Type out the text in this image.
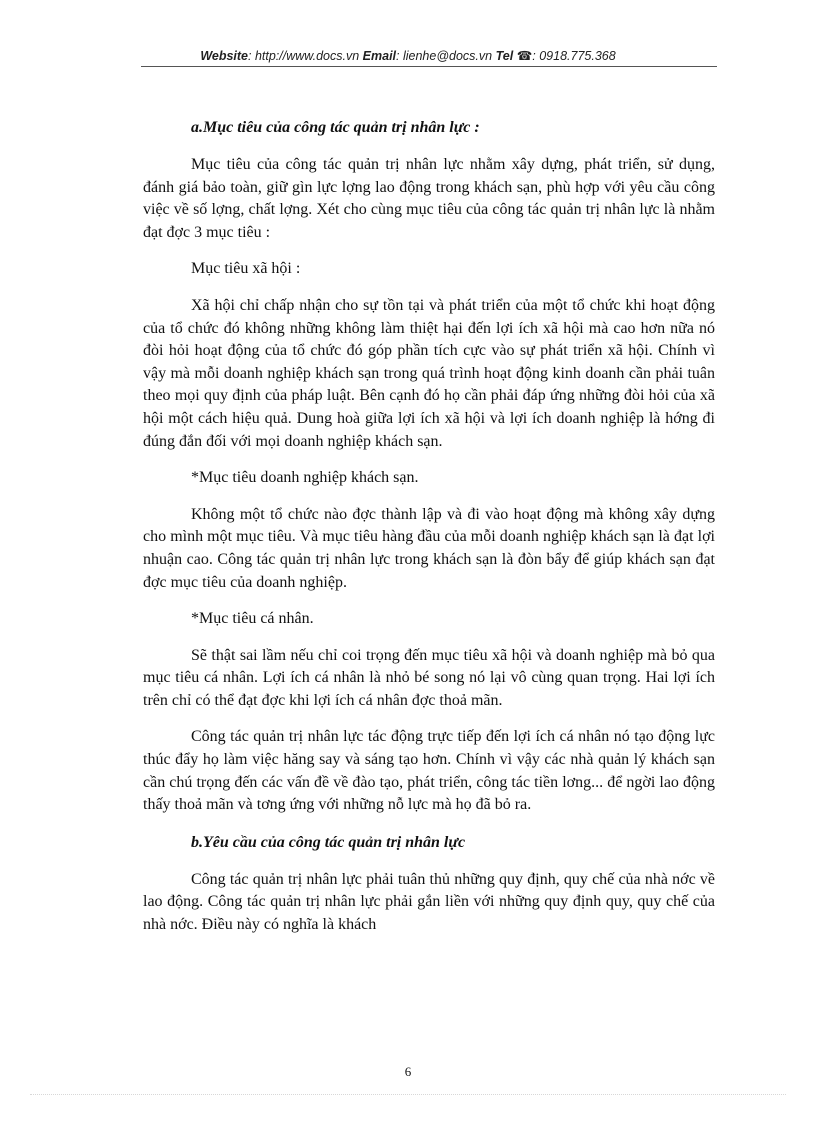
Website: http://www.docs.vn Email: lienhe@docs.vn Tel ☎: 0918.775.368
a.Mục tiêu của công tác quản trị nhân lực :

Mục tiêu của công tác quản trị nhân lực nhằm xây dựng, phát triển, sử dụng, đánh giá bảo toàn, giữ gìn lực lợng lao động trong khách sạn, phù hợp với yêu cầu công việc về số lợng, chất lợng. Xét cho cùng mục tiêu của công tác quản trị nhân lực là nhằm đạt đợc 3 mục tiêu :

Mục tiêu xã hội :

Xã hội chỉ chấp nhận cho sự tồn tại và phát triển của một tổ chức khi hoạt động của tổ chức đó không những không làm thiệt hại đến lợi ích xã hội mà cao hơn nữa nó đòi hỏi hoạt động của tổ chức đó góp phần tích cực vào sự phát triển xã hội. Chính vì vậy mà mỗi doanh nghiệp khách sạn trong quá trình hoạt động kinh doanh cần phải tuân theo mọi quy định của pháp luật. Bên cạnh đó họ cần phải đáp ứng những đòi hỏi của xã hội một cách hiệu quả. Dung hoà giữa lợi ích xã hội và lợi ích doanh nghiệp là hớng đi đúng đắn đối với mọi doanh nghiệp khách sạn.

*Mục tiêu doanh nghiệp khách sạn.

Không một tổ chức nào đợc thành lập và đi vào hoạt động mà không xây dựng cho mình một mục tiêu. Và mục tiêu hàng đầu của mỗi doanh nghiệp khách sạn là đạt lợi nhuận cao. Công tác quản trị nhân lực trong khách sạn là đòn bẩy để giúp khách sạn đạt đợc mục tiêu của doanh nghiệp.

*Mục tiêu cá nhân.

Sẽ thật sai lầm nếu chỉ coi trọng đến mục tiêu xã hội và doanh nghiệp mà bỏ qua mục tiêu cá nhân. Lợi ích cá nhân là nhỏ bé song nó lại vô cùng quan trọng. Hai lợi ích trên chỉ có thể đạt đợc khi lợi ích cá nhân đợc thoả mãn.

Công tác quản trị nhân lực tác động trực tiếp đến lợi ích cá nhân nó tạo động lực thúc đẩy họ làm việc hăng say và sáng tạo hơn. Chính vì vậy các nhà quản lý khách sạn cần chú trọng đến các vấn đề về đào tạo, phát triển, công tác tiền lơng... để ngời lao động thấy thoả mãn và tơng ứng với những nỗ lực mà họ đã bỏ ra.

b.Yêu cầu của công tác quản trị nhân lực

Công tác quản trị nhân lực phải tuân thủ những quy định, quy chế của nhà nớc về lao động. Công tác quản trị nhân lực phải gắn liền với những quy định quy, quy chế của nhà nớc. Điều này có nghĩa là khách

6
